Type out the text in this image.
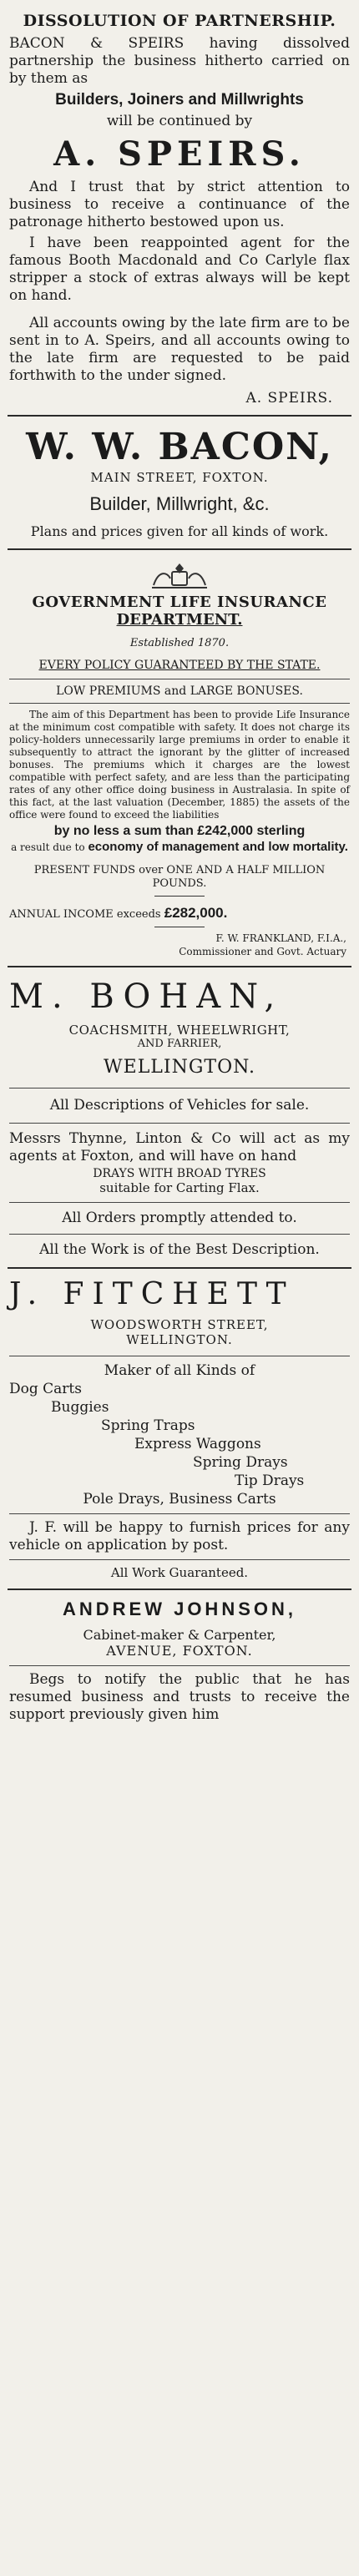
DISSOLUTION OF PARTNERSHIP.

BACON & SPEIRS having dissolved partnership the business hitherto carried on by them as

Builders, Joiners and Millwrights

will be continued by

A. SPEIRS.

And I trust that by strict attention to business to receive a continuance of the patronage hitherto bestowed upon us.

I have been reappointed agent for the famous Booth Macdonald and Co Carlyle flax stripper a stock of extras always will be kept on hand.

All accounts owing by the late firm are to be sent in to A. Speirs, and all accounts owing to the late firm are requested to be paid forthwith to the under signed.

A. SPEIRS.
W. W. BACON,
MAIN STREET, FOXTON.
Builder, Millwright, &c.
Plans and prices given for all kinds of work.
GOVERNMENT LIFE INSURANCE
DEPARTMENT.
Established 1870.
EVERY POLICY GUARANTEED BY THE STATE.
LOW PREMIUMS and LARGE BONUSES.

The aim of this Department has been to provide Life Insurance at the minimum cost compatible with safety. It does not charge its policy-holders unnecessarily large premiums in order to enable it subsequently to attract the ignorant by the glitter of increased bonuses. The premiums which it charges are the lowest compatible with perfect safety, and are less than the participating rates of any other office doing business in Australasia. In spite of this fact, at the last valuation (December, 1885) the assets of the office were found to exceed the liabilities

by no less a sum than £242,000 sterling

a result due to economy of management and low mortality.

PRESENT FUNDS over ONE AND A HALF MILLION POUNDS.

ANNUAL INCOME exceeds £282,000.

F. W. FRANKLAND, F.I.A.,
Commissioner and Govt. Actuary
M. BOHAN,
COACHSMITH, WHEELWRIGHT,
AND FARRIER,
WELLINGTON.

All Descriptions of Vehicles for sale.

Messrs Thynne, Linton & Co will act as my agents at Foxton, and will have on hand

DRAYS WITH BROAD TYRES

suitable for Carting Flax.

All Orders promptly attended to.

All the Work is of the Best Description.

J. FITCHETT
WOODSWORTH STREET,
WELLINGTON.
Maker of all Kinds of
Dog Carts
Buggies
Spring Traps
Express Waggons
Spring Drays
Tip Drays
Pole Drays, Business Carts

J. F. will be happy to furnish prices for any vehicle on application by post.

All Work Guaranteed.

ANDREW JOHNSON,
Cabinet-maker & Carpenter,
AVENUE, FOXTON.

Begs to notify the public that he has resumed business and trusts to receive the support previously given him
